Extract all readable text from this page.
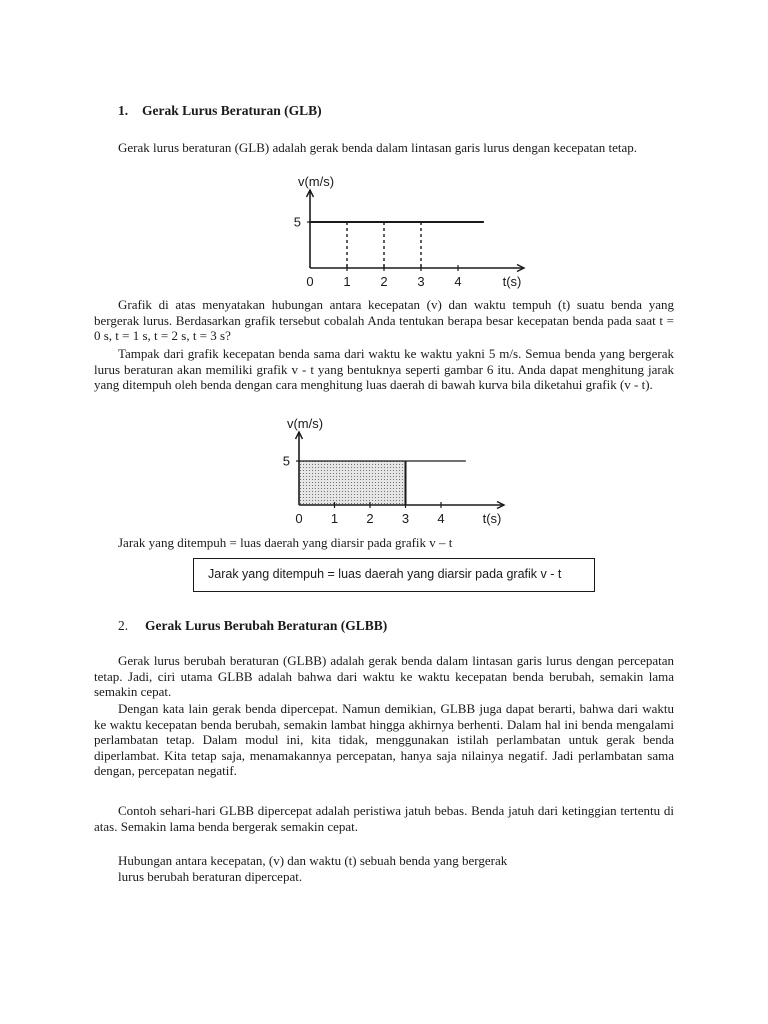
1. Gerak Lurus Beraturan (GLB)

Gerak lurus beraturan (GLB) adalah gerak benda dalam lintasan garis lurus dengan kecepatan tetap.

0 1 2 3 4
5
t(s)
v(m/s)

Grafik di atas menyatakan hubungan antara kecepatan (v) dan waktu tempuh (t) suatu benda yang bergerak lurus. Berdasarkan grafik tersebut cobalah Anda tentukan berapa besar kecepatan benda pada saat t = 0 s, t = 1 s, t = 2 s, t = 3 s?

Tampak dari grafik kecepatan benda sama dari waktu ke waktu yakni 5 m/s. Semua benda yang bergerak lurus beraturan akan memiliki grafik v - t yang bentuknya seperti gambar 6 itu. Anda dapat menghitung jarak yang ditempuh oleh benda dengan cara menghitung luas daerah di bawah kurva bila diketahui grafik (v - t).

0 1 2 3 4
5
t(s)
v(m/s)

Jarak yang ditempuh = luas daerah yang diarsir pada grafik v – t

Jarak yang ditempuh = luas daerah yang diarsir pada grafik v - t
2. Gerak Lurus Berubah Beraturan (GLBB)

Gerak lurus berubah beraturan (GLBB) adalah gerak benda dalam lintasan garis lurus dengan percepatan tetap. Jadi, ciri utama GLBB adalah bahwa dari waktu ke waktu kecepatan benda berubah, semakin lama semakin cepat.

Dengan kata lain gerak benda dipercepat. Namun demikian, GLBB juga dapat berarti, bahwa dari waktu ke waktu kecepatan benda berubah, semakin lambat hingga akhirnya berhenti. Dalam hal ini benda mengalami perlambatan tetap. Dalam modul ini, kita tidak, menggunakan istilah perlambatan untuk gerak benda diperlambat. Kita tetap saja, menamakannya percepatan, hanya saja nilainya negatif. Jadi perlambatan sama dengan, percepatan negatif.

Contoh sehari-hari GLBB dipercepat adalah peristiwa jatuh bebas. Benda jatuh dari ketinggian tertentu di atas. Semakin lama benda bergerak semakin cepat.

Hubungan antara kecepatan, (v) dan waktu (t) sebuah benda yang bergerak
lurus berubah beraturan dipercepat.
